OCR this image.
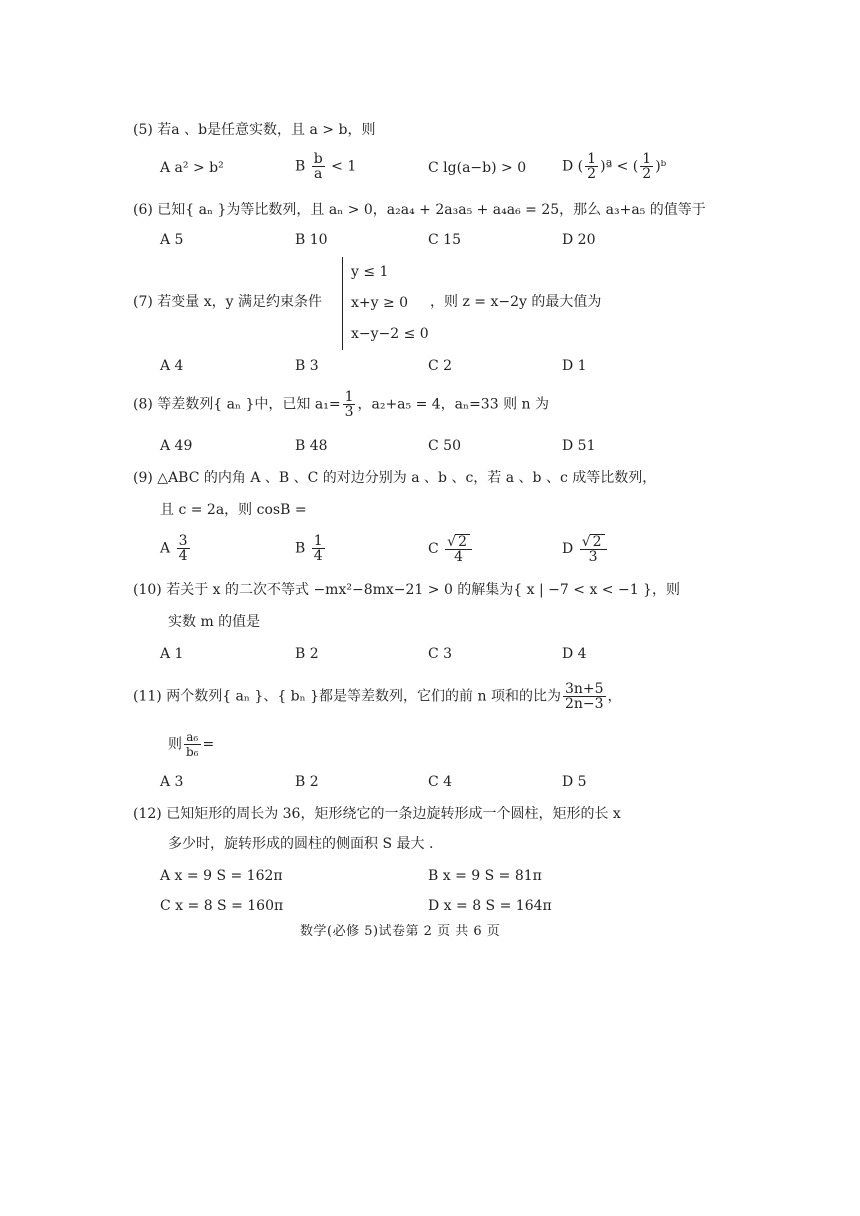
(5) 若a 、b是任意实数，且 a > b，则
A a² > b²	B $\frac{b}{a} < 1$	C lg(a−b) > 0	D ( $\frac{1}{2}$ )ª < ( $\frac{1}{2}$ )ᵇ
(6) 已知{ aₙ }为等比数列，且 aₙ > 0，a₂a₄ + 2a₃a₅ + a₄a₆ = 25，那么 a₃+a₅ 的值等于
A 5	B 10	C 15	D 20
(7) 若变量 x，y 满足约束条件
y ≤ 1
x+y ≥ 0
x−y−2 ≤ 0
，则 z = x−2y 的最大值为
A 4	B 3	C 2	D 1
(8) 等差数列{ aₙ }中，已知 $a_1= \frac{1}{3}$ ，a₂+a₅ = 4，aₙ=33 则 n 为
A 49	B 48	C 50	D 51
(9) △ABC 的内角 A 、B 、C 的对边分别为 a 、b 、c，若 a 、b 、c 成等比数列，
且 c = 2a，则 cosB =
A $\frac{3}{4}$	B $\frac{1}{4}$	C $\frac{√ 2}{4}$	D $\frac{√ 2}{3}$
(10) 若关于 x 的二次不等式 −mx²−8mx−21 > 0 的解集为{ x | −7 < x < −1 }，则
实数 m 的值是
A 1	B 2	C 3	D 4
(11) 两个数列{ aₙ }、{ bₙ }都是等差数列，它们的前 n 项和的比为 $\frac{3n+5}{2n-3}$ ，
则 $\frac{\text{a₆}}{\text{b₆}}$ =
A 3	B 2	C 4	D 5
(12) 已知矩形的周长为 36，矩形绕它的一条边旋转形成一个圆柱，矩形的长 x
多少时，旋转形成的圆柱的侧面积 S 最大 .
A x = 9 S = 162π	B x = 9 S = 81π
C x = 8 S = 160π	D x = 8 S = 164π
数学(必修 5)试卷第 2 页 共 6 页
